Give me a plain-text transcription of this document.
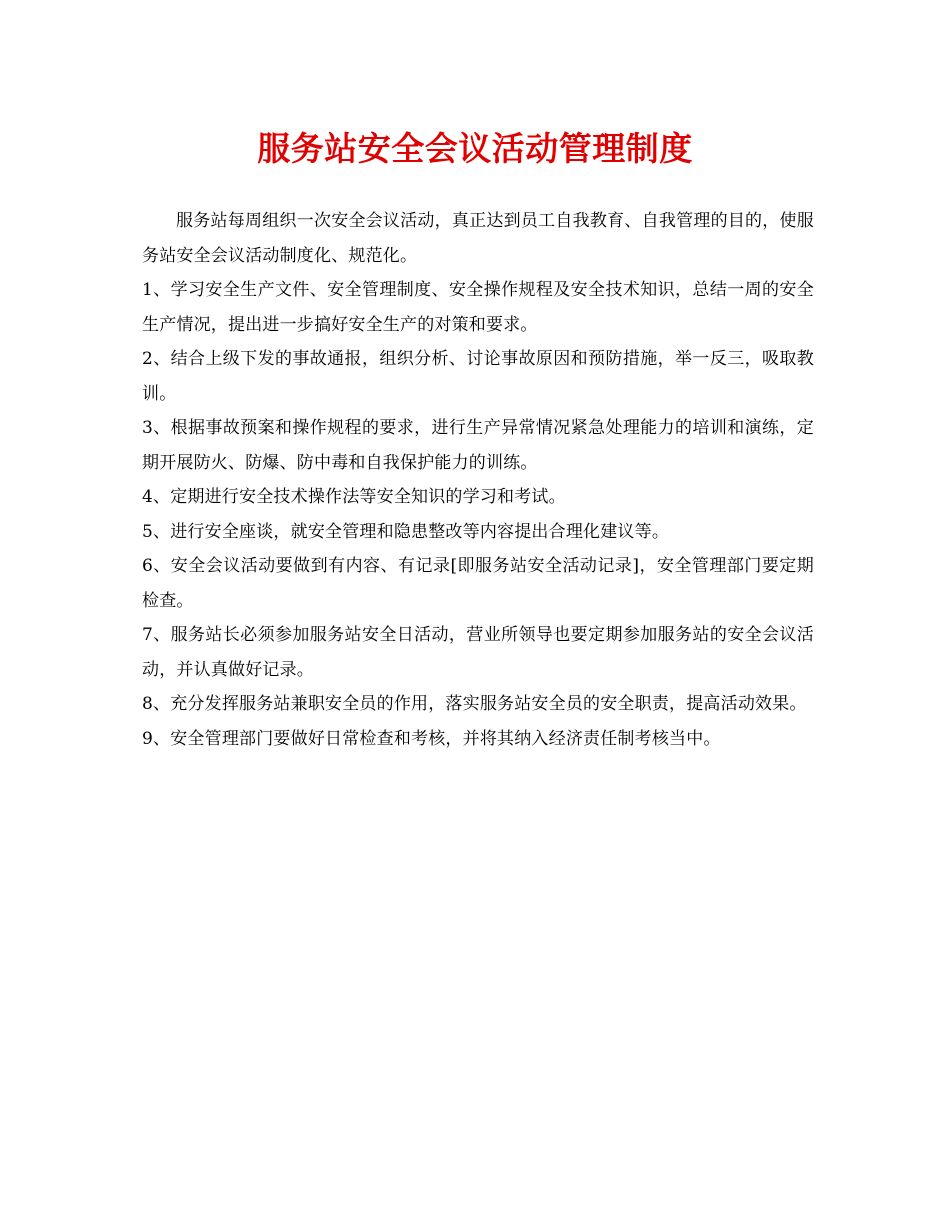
服务站安全会议活动管理制度

服务站每周组织一次安全会议活动，真正达到员工自我教育、自我管理的目的，使服务站安全会议活动制度化、规范化。

1、学习安全生产文件、安全管理制度、安全操作规程及安全技术知识，总结一周的安全生产情况，提出进一步搞好安全生产的对策和要求。

2、结合上级下发的事故通报，组织分析、讨论事故原因和预防措施，举一反三，吸取教训。

3、根据事故预案和操作规程的要求，进行生产异常情况紧急处理能力的培训和演练，定期开展防火、防爆、防中毒和自我保护能力的训练。

4、定期进行安全技术操作法等安全知识的学习和考试。

5、进行安全座谈，就安全管理和隐患整改等内容提出合理化建议等。

6、安全会议活动要做到有内容、有记录[即服务站安全活动记录]，安全管理部门要定期检查。

7、服务站长必须参加服务站安全日活动，营业所领导也要定期参加服务站的安全会议活动，并认真做好记录。

8、充分发挥服务站兼职安全员的作用，落实服务站安全员的安全职责，提高活动效果。

9、安全管理部门要做好日常检查和考核，并将其纳入经济责任制考核当中。
